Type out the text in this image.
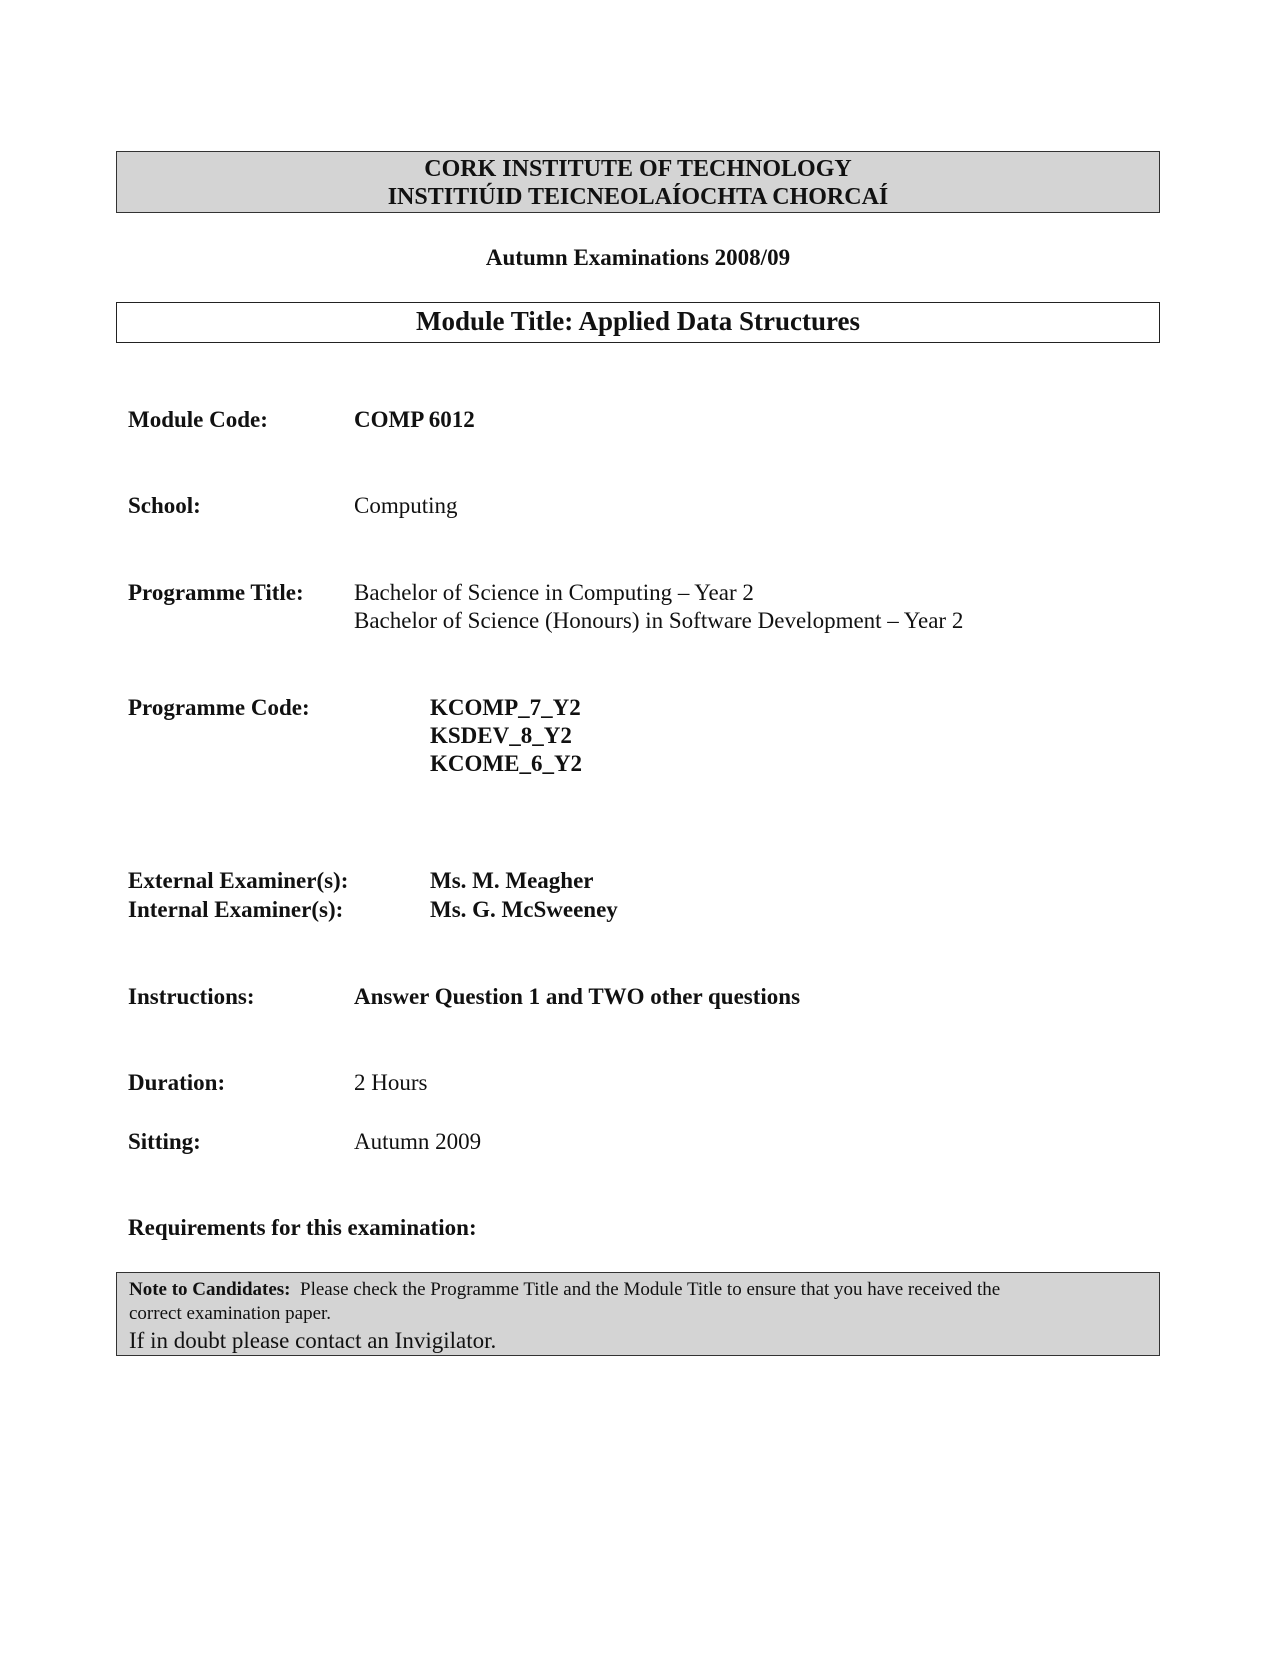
CORK INSTITUTE OF TECHNOLOGY
INSTITIÚID TEICNEOLAÍOCHTA CHORCAÍ
Autumn Examinations 2008/09
Module Title: Applied Data Structures
Module Code:	COMP 6012
School:	Computing
Programme Title: Bachelor of Science in Computing – Year 2
Bachelor of Science (Honours) in Software Development – Year 2
Programme Code:	KCOMP_7_Y2
KSDEV_8_Y2
KCOME_6_Y2
External Examiner(s):	Ms. M. Meagher
Internal Examiner(s):	Ms. G. McSweeney
Instructions:	Answer Question 1 and TWO other questions
Duration:	2 Hours
Sitting:	Autumn 2009
Requirements for this examination:
Note to Candidates: Please check the Programme Title and the Module Title to ensure that you have received the
correct examination paper.
If in doubt please contact an Invigilator.
